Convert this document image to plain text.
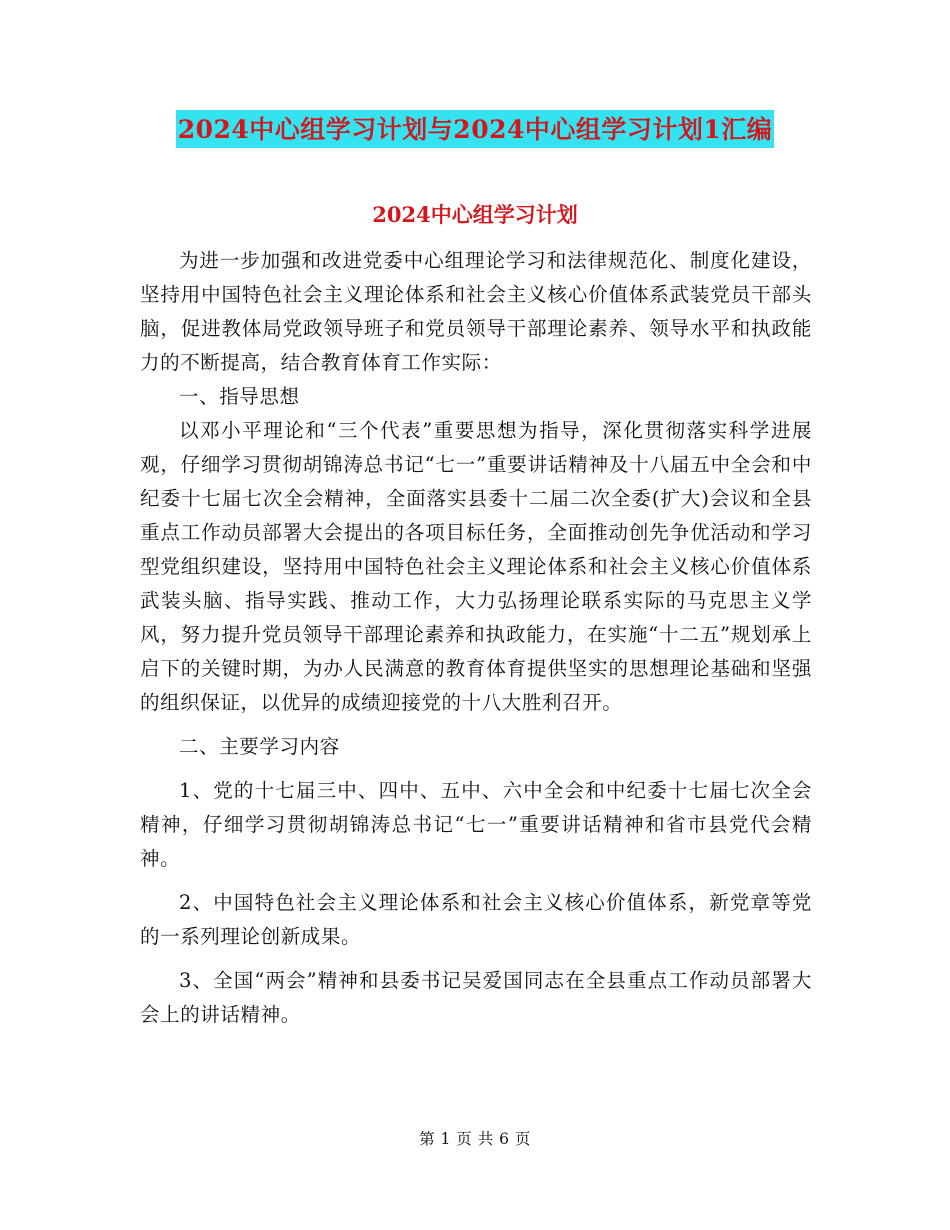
2024中心组学习计划与2024中心组学习计划1汇编
2024中心组学习计划

为进一步加强和改进党委中心组理论学习和法律规范化、制度化建设，坚持用中国特色社会主义理论体系和社会主义核心价值体系武装党员干部头脑，促进教体局党政领导班子和党员领导干部理论素养、领导水平和执政能力的不断提高，结合教育体育工作实际：

一、指导思想

以邓小平理论和“三个代表”重要思想为指导，深化贯彻落实科学进展观，仔细学习贯彻胡锦涛总书记“七一”重要讲话精神及十八届五中全会和中纪委十七届七次全会精神，全面落实县委十二届二次全委(扩大)会议和全县重点工作动员部署大会提出的各项目标任务，全面推动创先争优活动和学习型党组织建设，坚持用中国特色社会主义理论体系和社会主义核心价值体系武装头脑、指导实践、推动工作，大力弘扬理论联系实际的马克思主义学风，努力提升党员领导干部理论素养和执政能力，在实施“十二五”规划承上启下的关键时期，为办人民满意的教育体育提供坚实的思想理论基础和坚强的组织保证，以优异的成绩迎接党的十八大胜利召开。

二、主要学习内容

1、党的十七届三中、四中、五中、六中全会和中纪委十七届七次全会精神，仔细学习贯彻胡锦涛总书记“七一”重要讲话精神和省市县党代会精神。

2、中国特色社会主义理论体系和社会主义核心价值体系，新党章等党的一系列理论创新成果。

3、全国“两会”精神和县委书记吴爱国同志在全县重点工作动员部署大会上的讲话精神。

第 1 页 共 6 页
